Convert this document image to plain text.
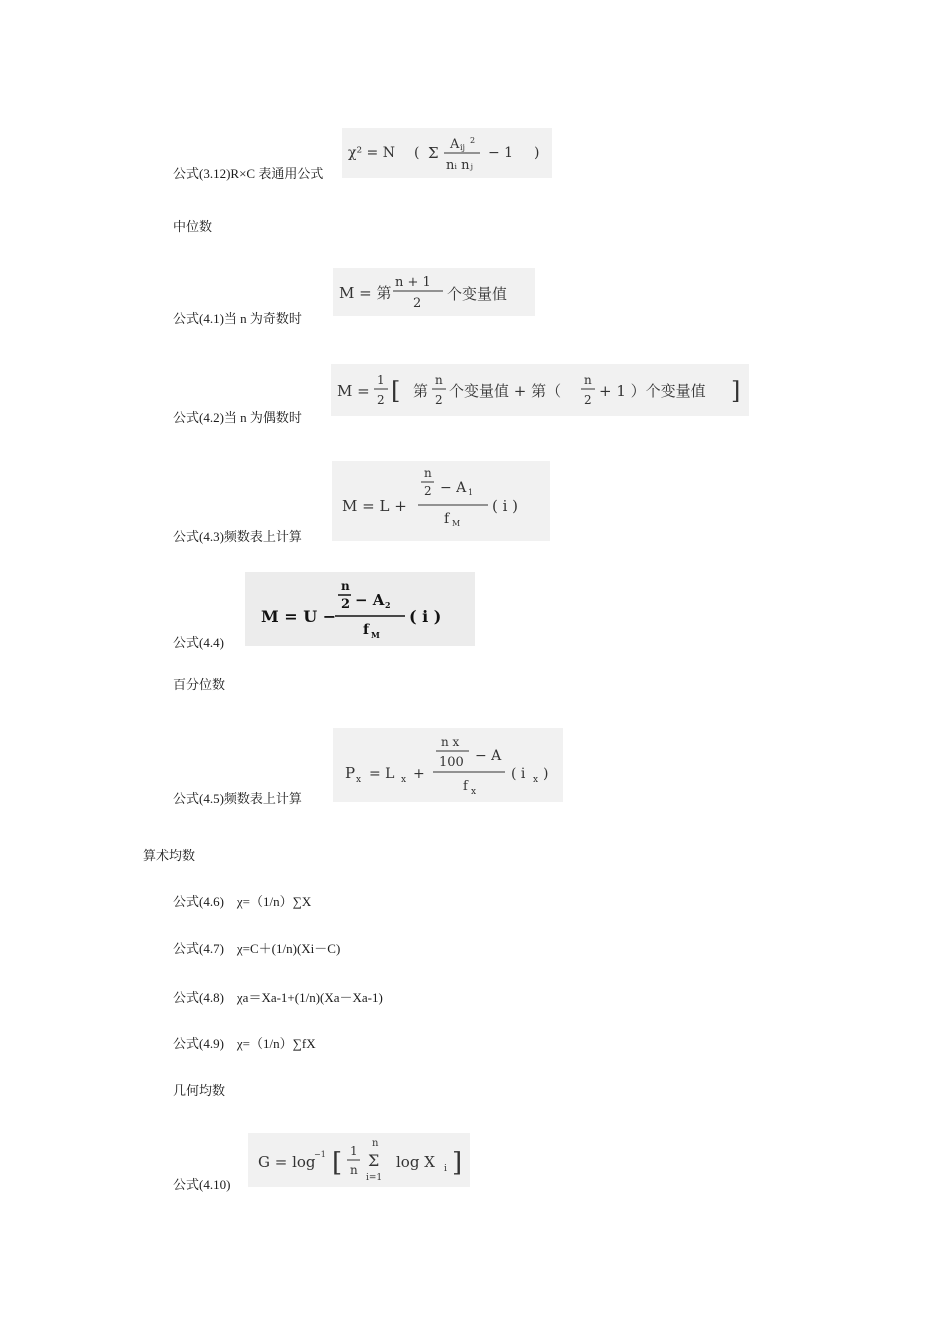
公式(3.12)R×C 表通用公式
中位数
公式(4.1)当 n 为奇数时
公式(4.2)当 n 为偶数时
公式(4.3)频数表上计算
公式(4.4)
百分位数
公式(4.5)频数表上计算
算术均数
公式(4.6)    χ=（1/n）∑X
公式(4.7)    χ=C＋(1/n)(Xi－C)
公式(4.8)    χa＝Xa-1+(1/n)(Xa－Xa-1)
公式(4.9)    χ=（1/n）∑fX
几何均数
公式(4.10)
χ² = N ( Σ A ij
2
nᵢ nⱼ
− 1 )
M = 第
n + 1
2
个变量值
M =
1
2 [ 第
n
2 个变量值 + 第（
n
2 + 1 ）个变量值 ]
M = L +
n
2 − A 1
f M
( i )
M = U −
n
2 − A 2
f M
( i )
P x = L x +
n x
100 − A
f x
( i x )
G = log
−1 [ 1
n
n
Σ
i=1
log X i ]
